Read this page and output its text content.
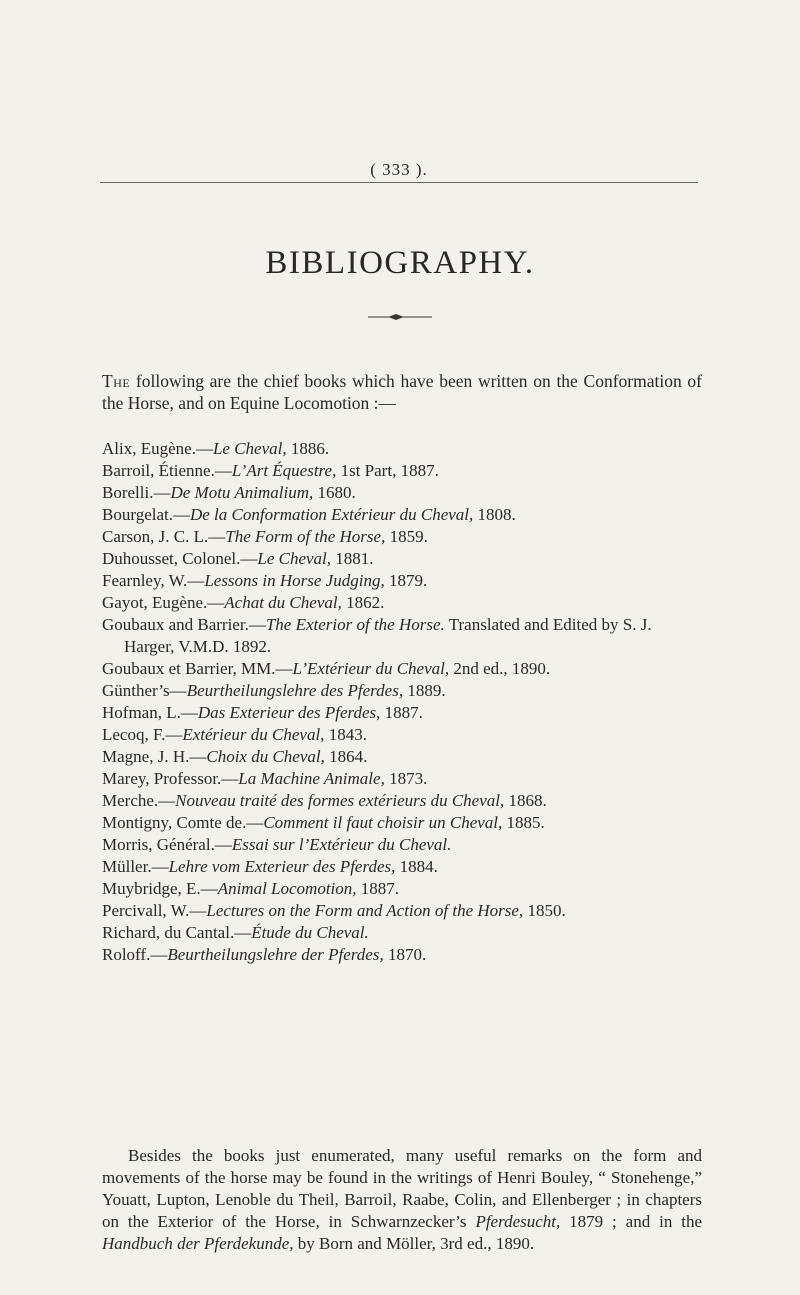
( 333 ).
BIBLIOGRAPHY.
The following are the chief books which have been written on the Conformation of the Horse, and on Equine Locomotion :—
Alix, Eugène.—Le Cheval, 1886.
Barroil, Étienne.—L’Art Équestre, 1st Part, 1887.
Borelli.—De Motu Animalium, 1680.
Bourgelat.—De la Conformation Extérieur du Cheval, 1808.
Carson, J. C. L.—The Form of the Horse, 1859.
Duhousset, Colonel.—Le Cheval, 1881.
Fearnley, W.—Lessons in Horse Judging, 1879.
Gayot, Eugène.—Achat du Cheval, 1862.
Goubaux and Barrier.—The Exterior of the Horse. Translated and Edited by S. J. Harger, V.M.D. 1892.
Goubaux et Barrier, MM.—L’Extérieur du Cheval, 2nd ed., 1890.
Günther’s—Beurtheilungslehre des Pferdes, 1889.
Hofman, L.—Das Exterieur des Pferdes, 1887.
Lecoq, F.—Extérieur du Cheval, 1843.
Magne, J. H.—Choix du Cheval, 1864.
Marey, Professor.—La Machine Animale, 1873.
Merche.—Nouveau traité des formes extérieurs du Cheval, 1868.
Montigny, Comte de.—Comment il faut choisir un Cheval, 1885.
Morris, Général.—Essai sur l’Extérieur du Cheval.
Müller.—Lehre vom Exterieur des Pferdes, 1884.
Muybridge, E.—Animal Locomotion, 1887.
Percivall, W.—Lectures on the Form and Action of the Horse, 1850.
Richard, du Cantal.—Étude du Cheval.
Roloff.—Beurtheilungslehre der Pferdes, 1870.

Besides the books just enumerated, many useful remarks on the form and movements of the horse may be found in the writings of Henri Bouley, “ Stonehenge,” Youatt, Lupton, Lenoble du Theil, Barroil, Raabe, Colin, and Ellenberger ; in chapters on the Exterior of the Horse, in Schwarnzecker’s Pferdesucht, 1879 ; and in the Handbuch der Pferdekunde, by Born and Möller, 3rd ed., 1890.
